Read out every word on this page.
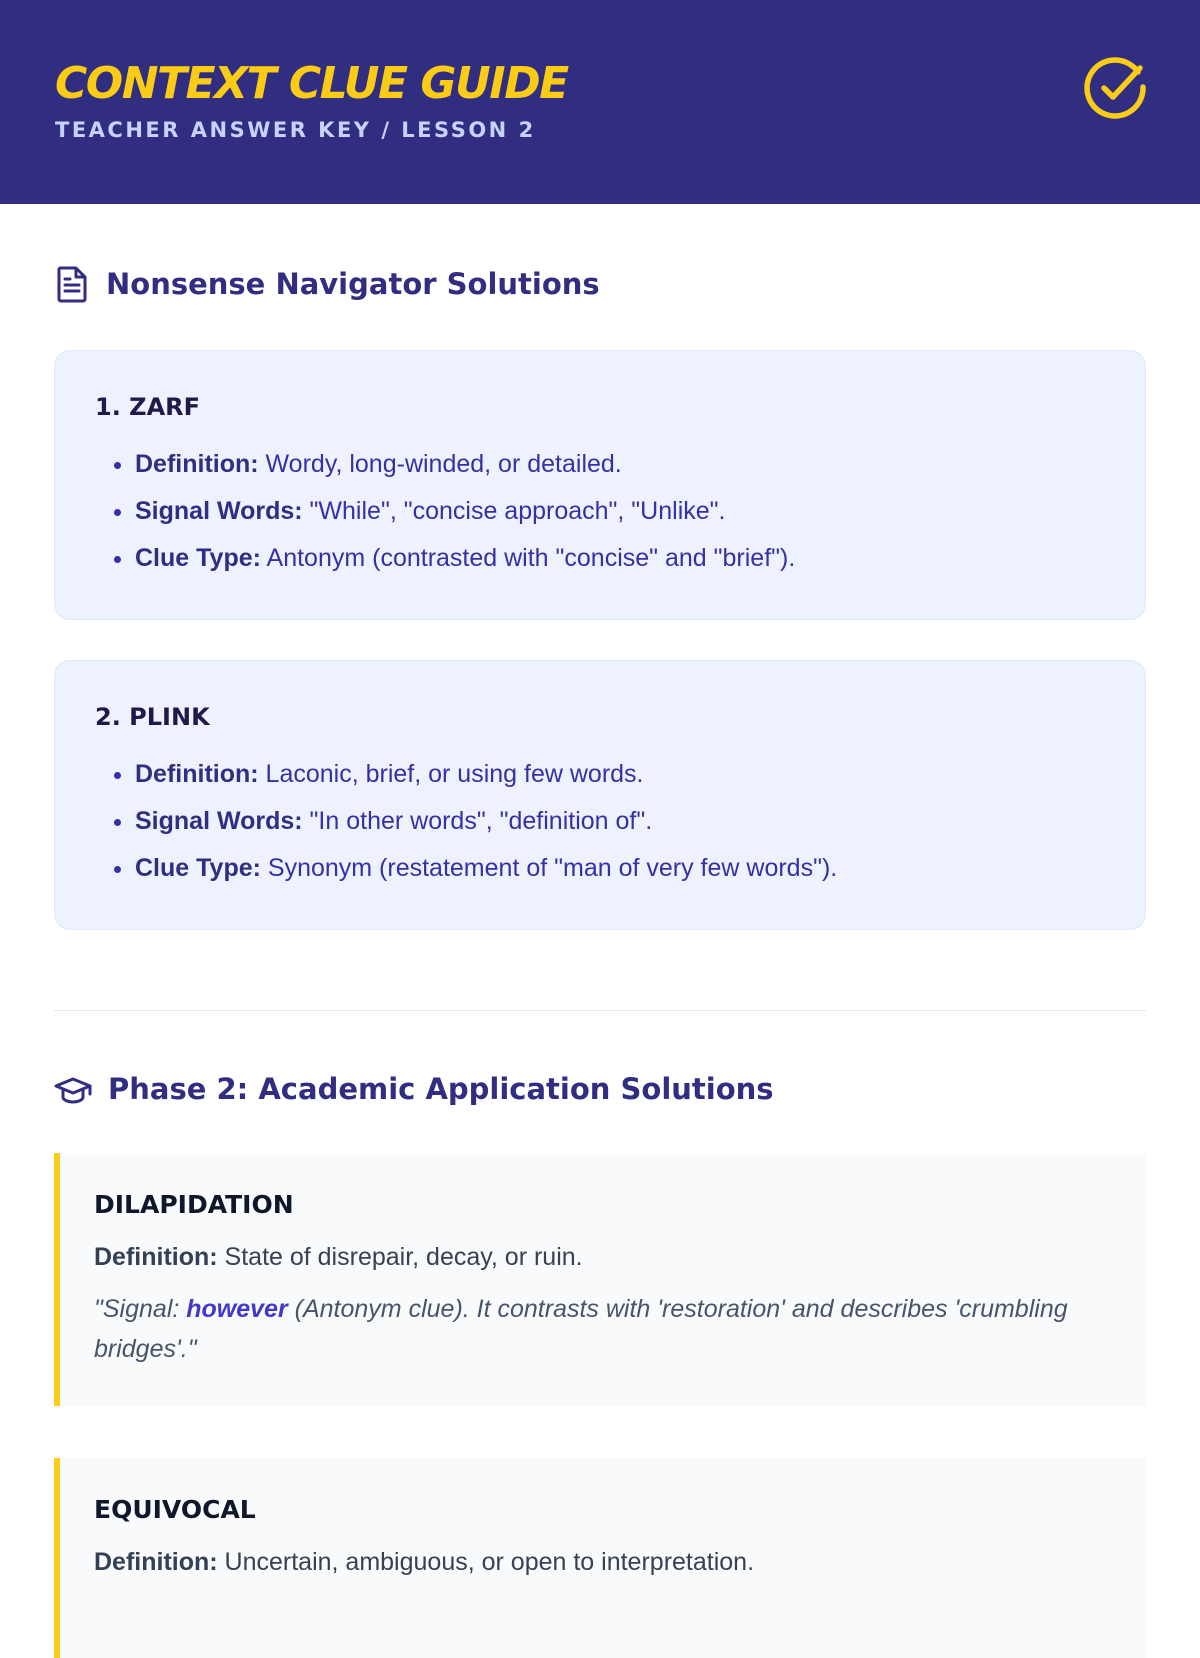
CONTEXT CLUE GUIDE
TEACHER ANSWER KEY / LESSON 2
Nonsense Navigator Solutions
1. ZARF
• Definition: Wordy, long-winded, or detailed.
• Signal Words: "While", "concise approach", "Unlike".
• Clue Type: Antonym (contrasted with "concise" and "brief").
2. PLINK
• Definition: Laconic, brief, or using few words.
• Signal Words: "In other words", "definition of".
• Clue Type: Synonym (restatement of "man of very few words").
Phase 2: Academic Application Solutions
DILAPIDATION

Definition: State of disrepair, decay, or ruin.

"Signal: however (Antonym clue). It contrasts with 'restoration' and describes 'crumbling bridges'."

EQUIVOCAL

Definition: Uncertain, ambiguous, or open to interpretation.
